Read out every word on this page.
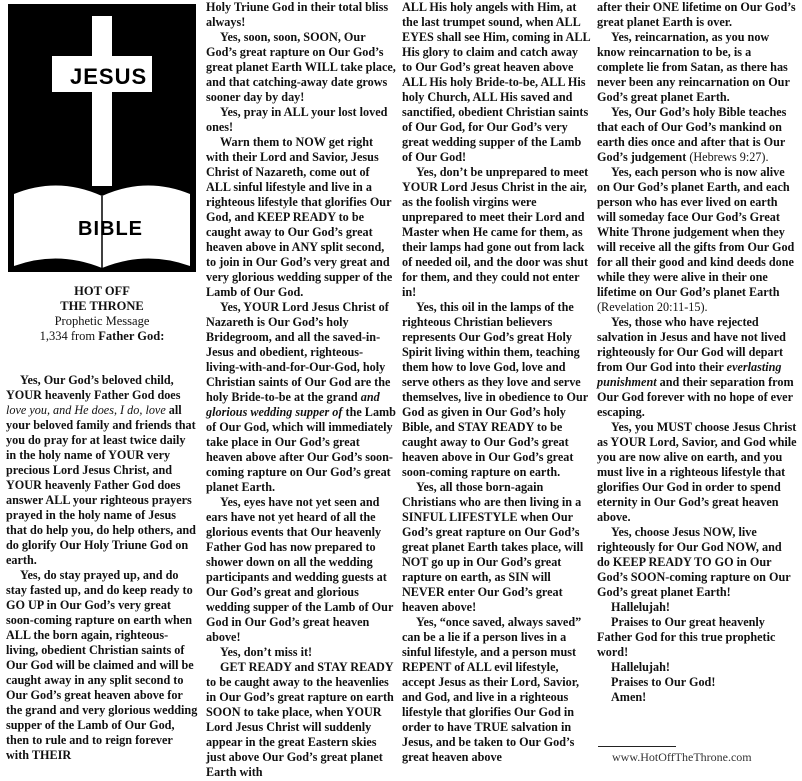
JESUS
BIBLE
HOT OFF
THE THRONE
Prophetic Message
1,334 from Father God:

Yes, Our God’s beloved child, YOUR heavenly Father God does love you, and He does, I do, love all your beloved family and friends that you do pray for at least twice daily in the holy name of YOUR very precious Lord Jesus Christ, and YOUR heavenly Father God does answer ALL your righteous prayers prayed in the holy name of Jesus that do help you, do help others, and do glorify Our Holy Triune God on earth.

Yes, do stay prayed up, and do stay fasted up, and do keep ready to GO UP in Our God’s very great soon-coming rapture on earth when ALL the born again, righteous-living, obedient Christian saints of Our God will be claimed and will be caught away in any split second to Our God’s great heaven above for the grand and very glorious wedding supper of the Lamb of Our God, then to rule and to reign forever with THEIR

Holy Triune God in their total bliss always!

Yes, soon, soon, SOON, Our God’s great rapture on Our God’s great planet Earth WILL take place, and that catching-away date grows sooner day by day!

Yes, pray in ALL your lost loved ones!

Warn them to NOW get right with their Lord and Savior, Jesus Christ of Nazareth, come out of ALL sinful lifestyle and live in a righteous lifestyle that glorifies Our God, and KEEP READY to be caught away to Our God’s great heaven above in ANY split second, to join in Our God’s very great and very glorious wedding supper of the Lamb of Our God.

Yes, YOUR Lord Jesus Christ of Nazareth is Our God’s holy Bridegroom, and all the saved-in-Jesus and obedient, righteous-living-with-and-for-Our-God, holy Christian saints of Our God are the holy Bride-to-be at the grand and glorious wedding supper of the Lamb of Our God, which will immediately take place in Our God’s great heaven above after Our God’s soon-coming rapture on Our God’s great planet Earth.

Yes, eyes have not yet seen and ears have not yet heard of all the glorious events that Our heavenly Father God has now prepared to shower down on all the wedding participants and wedding guests at Our God’s great and glorious wedding supper of the Lamb of Our God in Our God’s great heaven above!

Yes, don’t miss it!

GET READY and STAY READY to be caught away to the heavenlies in Our God’s great rapture on earth SOON to take place, when YOUR Lord Jesus Christ will suddenly appear in the great Eastern skies just above Our God’s great planet Earth with

ALL His holy angels with Him, at the last trumpet sound, when ALL EYES shall see Him, coming in ALL His glory to claim and catch away to Our God’s great heaven above ALL His holy Bride-to-be, ALL His holy Church, ALL His saved and sanctified, obedient Christian saints of Our God, for Our God’s very great wedding supper of the Lamb of Our God!

Yes, don’t be unprepared to meet YOUR Lord Jesus Christ in the air, as the foolish virgins were unprepared to meet their Lord and Master when He came for them, as their lamps had gone out from lack of needed oil, and the door was shut for them, and they could not enter in!

Yes, this oil in the lamps of the righteous Christian believers represents Our God’s great Holy Spirit living within them, teaching them how to love God, love and serve others as they love and serve themselves, live in obedience to Our God as given in Our God’s holy Bible, and STAY READY to be caught away to Our God’s great heaven above in Our God’s great soon-coming rapture on earth.

Yes, all those born-again Christians who are then living in a SINFUL LIFESTYLE when Our God’s great rapture on Our God’s great planet Earth takes place, will NOT go up in Our God’s great rapture on earth, as SIN will NEVER enter Our God’s great heaven above!

Yes, “once saved, always saved” can be a lie if a person lives in a sinful lifestyle, and a person must REPENT of ALL evil lifestyle, accept Jesus as their Lord, Savior, and God, and live in a righteous lifestyle that glorifies Our God in order to have TRUE salvation in Jesus, and be taken to Our God’s great heaven above

after their ONE lifetime on Our God’s great planet Earth is over.

Yes, reincarnation, as you now know reincarnation to be, is a complete lie from Satan, as there has never been any reincarnation on Our God’s great planet Earth.

Yes, Our God’s holy Bible teaches that each of Our God’s mankind on earth dies once and after that is Our God’s judgement (Hebrews 9:27).

Yes, each person who is now alive on Our God’s planet Earth, and each person who has ever lived on earth will someday face Our God’s Great White Throne judgement when they will receive all the gifts from Our God for all their good and kind deeds done while they were alive in their one lifetime on Our God’s planet Earth (Revelation 20:11-15).

Yes, those who have rejected salvation in Jesus and have not lived righteously for Our God will depart from Our God into their everlasting punishment and their separation from Our God forever with no hope of ever escaping.

Yes, you MUST choose Jesus Christ as YOUR Lord, Savior, and God while you are now alive on earth, and you must live in a righteous lifestyle that glorifies Our God in order to spend eternity in Our God’s great heaven above.

Yes, choose Jesus NOW, live righteously for Our God NOW, and do KEEP READY TO GO in Our God’s SOON-coming rapture on Our God’s great planet Earth!

Hallelujah!

Praises to Our great heavenly Father God for this true prophetic word!

Hallelujah!

Praises to Our God!

Amen!

www.HotOffTheThrone.com
